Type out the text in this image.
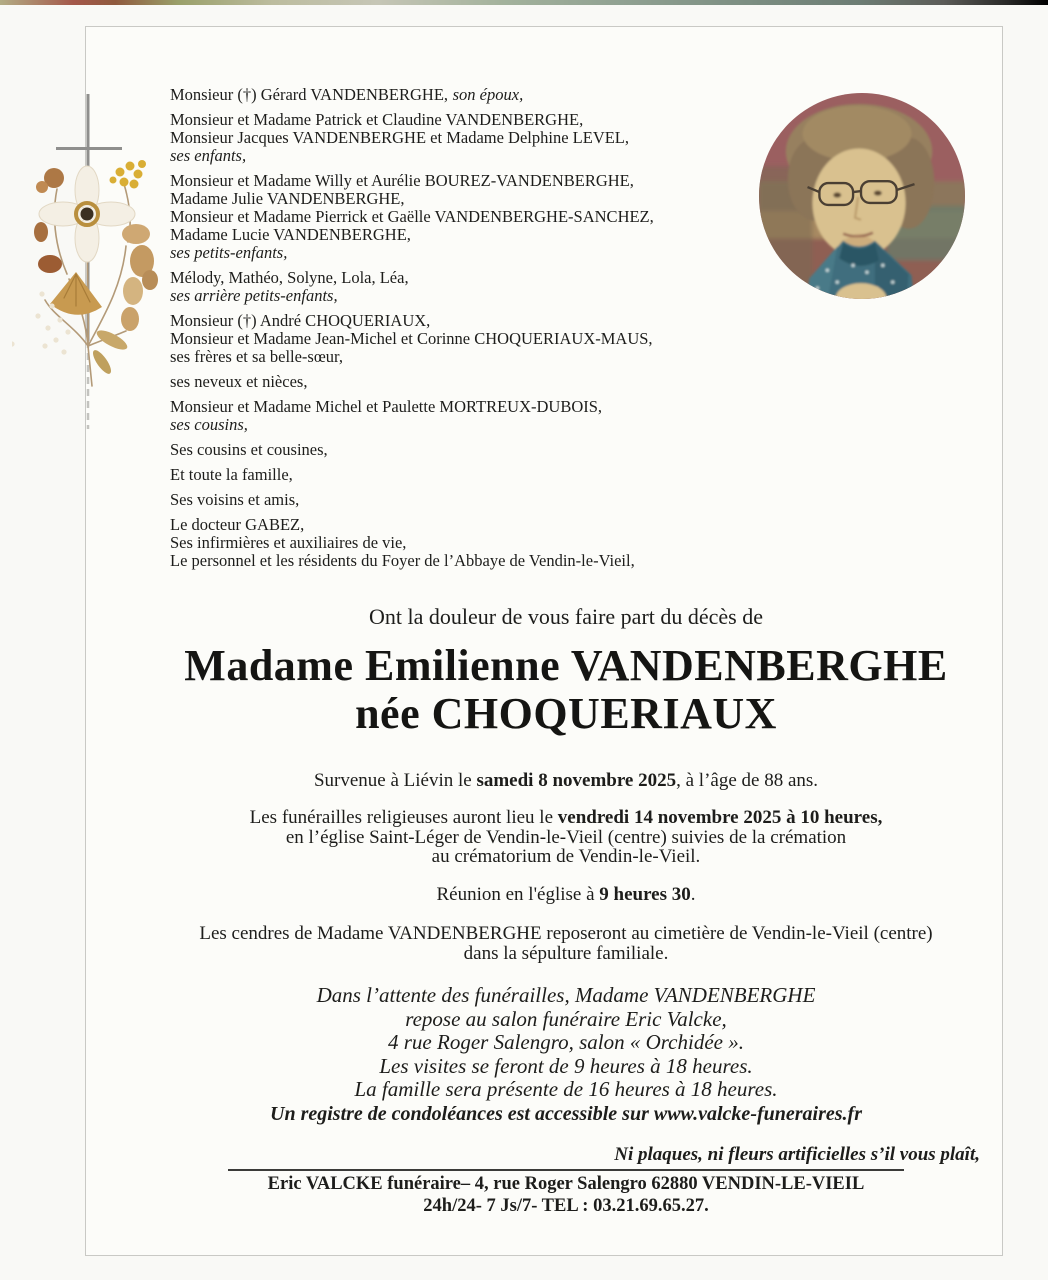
Monsieur (†) Gérard VANDENBERGHE, son époux,

Monsieur et Madame Patrick et Claudine VANDENBERGHE,

Monsieur Jacques VANDENBERGHE et Madame Delphine LEVEL,

ses enfants,

Monsieur et Madame Willy et Aurélie BOUREZ-VANDENBERGHE,

Madame Julie VANDENBERGHE,

Monsieur et Madame Pierrick et Gaëlle VANDENBERGHE-SANCHEZ,

Madame Lucie VANDENBERGHE,

ses petits-enfants,

Mélody, Mathéo, Solyne, Lola, Léa,

ses arrière petits-enfants,

Monsieur (†) André CHOQUERIAUX,

Monsieur et Madame Jean-Michel et Corinne CHOQUERIAUX-MAUS,

ses frères et sa belle-sœur,

ses neveux et nièces,

Monsieur et Madame Michel et Paulette MORTREUX-DUBOIS,

ses cousins,

Ses cousins et cousines,

Et toute la famille,

Ses voisins et amis,

Le docteur GABEZ,

Ses infirmières et auxiliaires de vie,

Le personnel et les résidents du Foyer de l’Abbaye de Vendin-le-Vieil,

Ont la douleur de vous faire part du décès de

Madame Emilienne VANDENBERGHE

née CHOQUERIAUX

Survenue à Liévin le samedi 8 novembre 2025, à l’âge de 88 ans.

Les funérailles religieuses auront lieu le vendredi 14 novembre 2025 à 10 heures,

en l’église Saint-Léger de Vendin-le-Vieil (centre) suivies de la crémation

au crématorium de Vendin-le-Vieil.

Réunion en l'église à 9 heures 30.

Les cendres de Madame VANDENBERGHE reposeront au cimetière de Vendin-le-Vieil (centre)

dans la sépulture familiale.

Dans l’attente des funérailles, Madame VANDENBERGHE

repose au salon funéraire Eric Valcke,

4 rue Roger Salengro, salon « Orchidée ».

Les visites se feront de 9 heures à 18 heures.

La famille sera présente de 16 heures à 18 heures.

Un registre de condoléances est accessible sur www.valcke-funeraires.fr

Ni plaques, ni fleurs artificielles s’il vous plaît,

Eric VALCKE funéraire– 4, rue Roger Salengro 62880 VENDIN-LE-VIEIL

24h/24- 7 Js/7- TEL : 03.21.69.65.27.
